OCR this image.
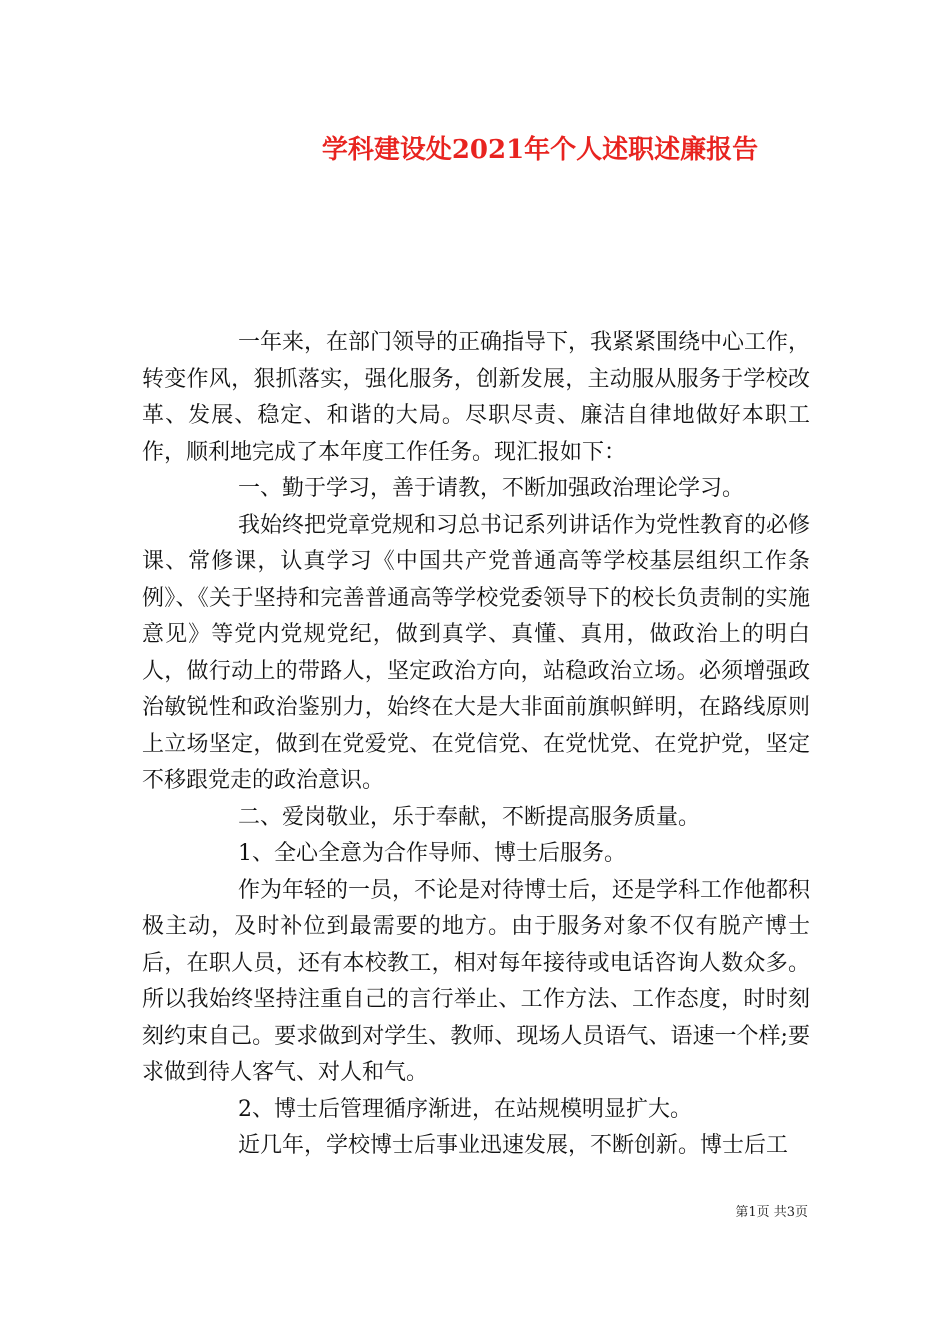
学科建设处2021年个人述职述廉报告

一年来，在部门领导的正确指导下，我紧紧围绕中心工作，转变作风，狠抓落实，强化服务，创新发展，主动服从服务于学校改革、发展、稳定、和谐的大局。尽职尽责、廉洁自律地做好本职工作，顺利地完成了本年度工作任务。现汇报如下：

一、勤于学习，善于请教，不断加强政治理论学习。

我始终把党章党规和习总书记系列讲话作为党性教育的必修课、常修课，认真学习《中国共产党普通高等学校基层组织工作条例》、《关于坚持和完善普通高等学校党委领导下的校长负责制的实施意见》等党内党规党纪，做到真学、真懂、真用，做政治上的明白人，做行动上的带路人，坚定政治方向，站稳政治立场。必须增强政治敏锐性和政治鉴别力，始终在大是大非面前旗帜鲜明，在路线原则上立场坚定，做到在党爱党、在党信党、在党忧党、在党护党，坚定不移跟党走的政治意识。

二、爱岗敬业，乐于奉献，不断提高服务质量。

1、全心全意为合作导师、博士后服务。

作为年轻的一员，不论是对待博士后，还是学科工作他都积极主动，及时补位到最需要的地方。由于服务对象不仅有脱产博士后，在职人员，还有本校教工，相对每年接待或电话咨询人数众多。所以我始终坚持注重自己的言行举止、工作方法、工作态度，时时刻刻约束自己。要求做到对学生、教师、现场人员语气、语速一个样;要求做到待人客气、对人和气。

2、博士后管理循序渐进，在站规模明显扩大。

近几年，学校博士后事业迅速发展，不断创新。博士后工

第1页 共3页
